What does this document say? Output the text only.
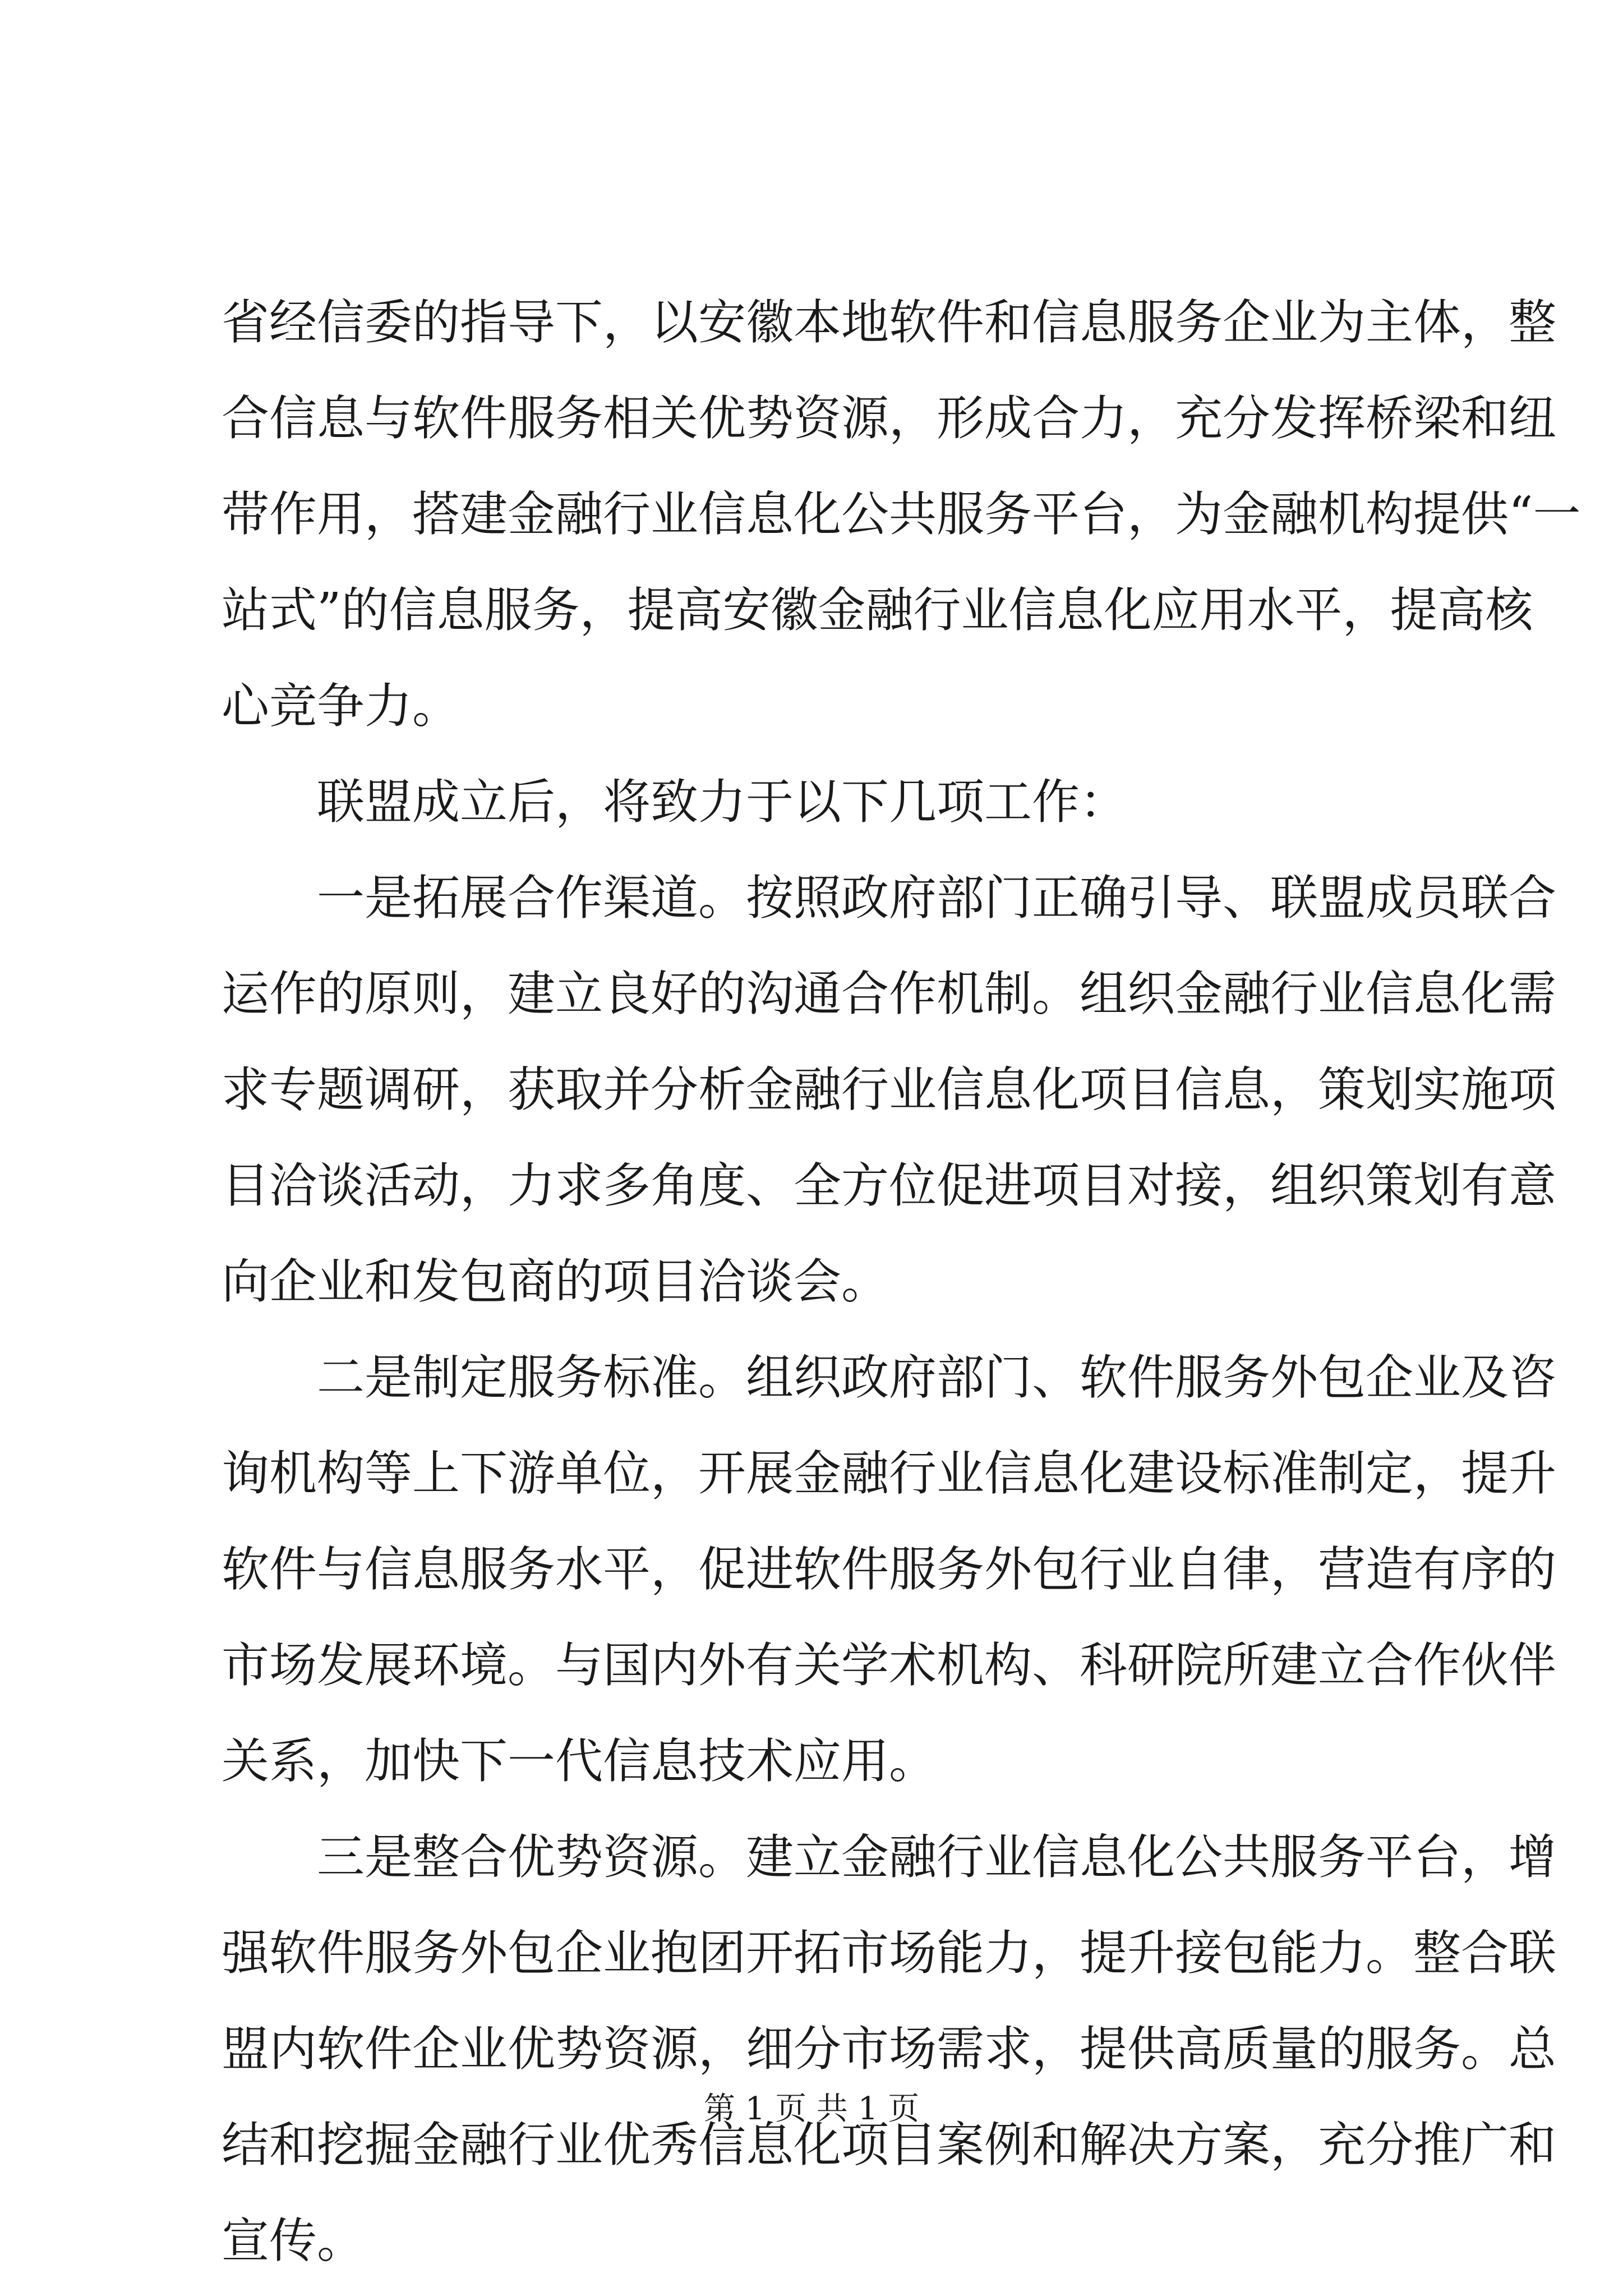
省经信委的指导下，以安徽本地软件和信息服务企业为主体，整
合信息与软件服务相关优势资源，形成合力，充分发挥桥梁和纽
带作用，搭建金融行业信息化公共服务平台，为金融机构提供“一
站式”的信息服务，提高安徽金融行业信息化应用水平，提高核
心竞争力。
联盟成立后，将致力于以下几项工作：
一是拓展合作渠道。按照政府部门正确引导、联盟成员联合
运作的原则，建立良好的沟通合作机制。组织金融行业信息化需
求专题调研，获取并分析金融行业信息化项目信息，策划实施项
目洽谈活动，力求多角度、全方位促进项目对接，组织策划有意
向企业和发包商的项目洽谈会。
二是制定服务标准。组织政府部门、软件服务外包企业及咨
询机构等上下游单位，开展金融行业信息化建设标准制定，提升
软件与信息服务水平，促进软件服务外包行业自律，营造有序的
市场发展环境。与国内外有关学术机构、科研院所建立合作伙伴
关系，加快下一代信息技术应用。
三是整合优势资源。建立金融行业信息化公共服务平台，增
强软件服务外包企业抱团开拓市场能力，提升接包能力。整合联
盟内软件企业优势资源，细分市场需求，提供高质量的服务。总
结和挖掘金融行业优秀信息化项目案例和解决方案，充分推广和
宣传。
第 1 页 共 1 页
